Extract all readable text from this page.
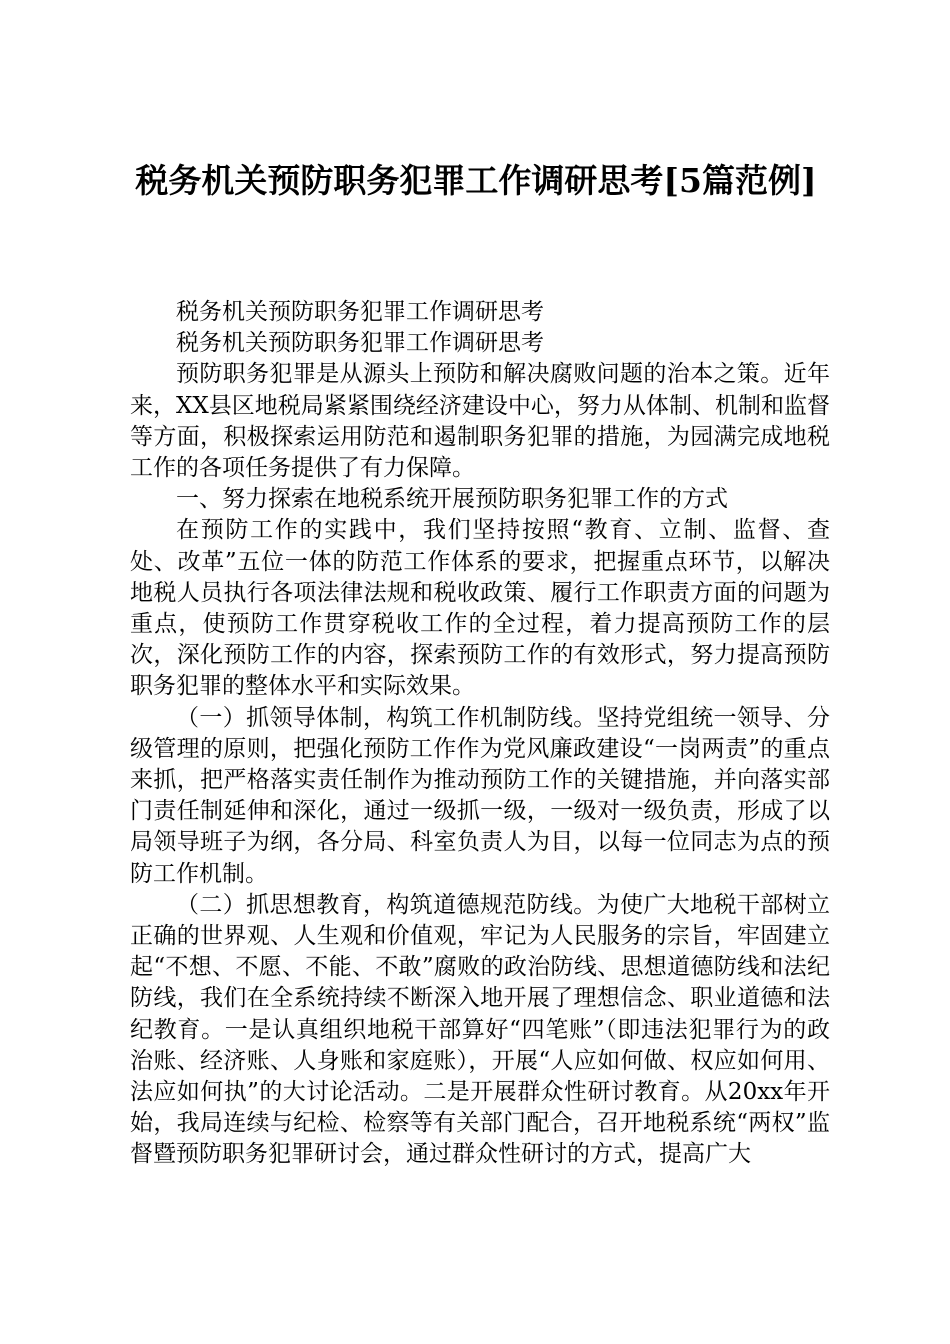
税务机关预防职务犯罪工作调研思考[5篇范例]

税务机关预防职务犯罪工作调研思考

税务机关预防职务犯罪工作调研思考

预防职务犯罪是从源头上预防和解决腐败问题的治本之策。近年来，XX县区地税局紧紧围绕经济建设中心，努力从体制、机制和监督等方面，积极探索运用防范和遏制职务犯罪的措施，为园满完成地税工作的各项任务提供了有力保障。

一、努力探索在地税系统开展预防职务犯罪工作的方式

在预防工作的实践中，我们坚持按照“教育、立制、监督、查处、改革”五位一体的防范工作体系的要求，把握重点环节，以解决地税人员执行各项法律法规和税收政策、履行工作职责方面的问题为重点，使预防工作贯穿税收工作的全过程，着力提高预防工作的层次，深化预防工作的内容，探索预防工作的有效形式，努力提高预防职务犯罪的整体水平和实际效果。

（一）抓领导体制，构筑工作机制防线。坚持党组统一领导、分级管理的原则，把强化预防工作作为党风廉政建设“一岗两责”的重点来抓，把严格落实责任制作为推动预防工作的关键措施，并向落实部门责任制延伸和深化，通过一级抓一级，一级对一级负责，形成了以局领导班子为纲，各分局、科室负责人为目，以每一位同志为点的预防工作机制。

（二）抓思想教育，构筑道德规范防线。为使广大地税干部树立正确的世界观、人生观和价值观，牢记为人民服务的宗旨，牢固建立起“不想、不愿、不能、不敢”腐败的政治防线、思想道德防线和法纪防线，我们在全系统持续不断深入地开展了理想信念、职业道德和法纪教育。一是认真组织地税干部算好“四笔账”（即违法犯罪行为的政治账、经济账、人身账和家庭账），开展“人应如何做、权应如何用、法应如何执”的大讨论活动。二是开展群众性研讨教育。从20xx年开始，我局连续与纪检、检察等有关部门配合，召开地税系统“两权”监督暨预防职务犯罪研讨会，通过群众性研讨的方式，提高广大
